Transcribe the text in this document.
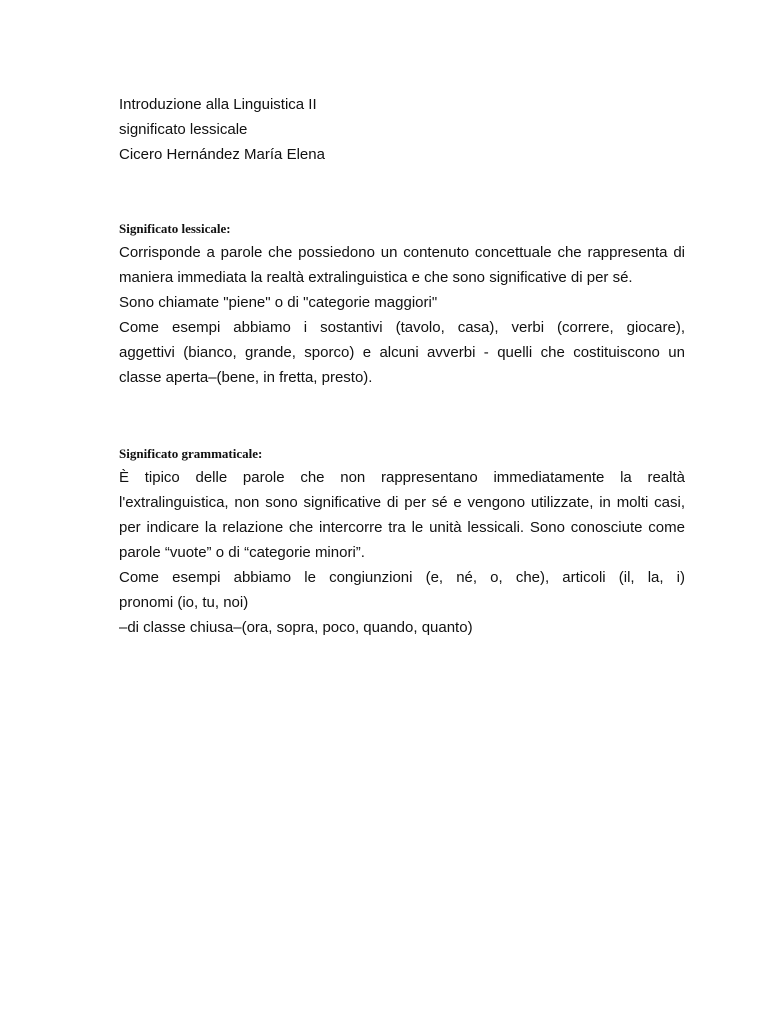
Introduzione alla Linguistica II
significato lessicale
Cicero Hernández María Elena
Significato lessicale:
Corrisponde a parole che possiedono un contenuto concettuale che rappresenta di
maniera immediata la realtà extralinguistica e che sono significative di per sé.
Sono chiamate "piene" o di "categorie maggiori"
Come esempi abbiamo i sostantivi (tavolo, casa), verbi (correre, giocare),
aggettivi (bianco, grande, sporco) e alcuni avverbi - quelli che costituiscono un
classe aperta–(bene, in fretta, presto).
Significato grammaticale:
È tipico delle parole che non rappresentano immediatamente la realtà
l'extralinguistica, non sono significative di per sé e vengono utilizzate, in molti casi,
per indicare la relazione che intercorre tra le unità lessicali. Sono conosciute come
parole “vuote” o di “categorie minori”.
Come esempi abbiamo le congiunzioni (e, né, o, che), articoli (il, la, i)
pronomi (io, tu, noi)
–di classe chiusa–(ora, sopra, poco, quando, quanto)
